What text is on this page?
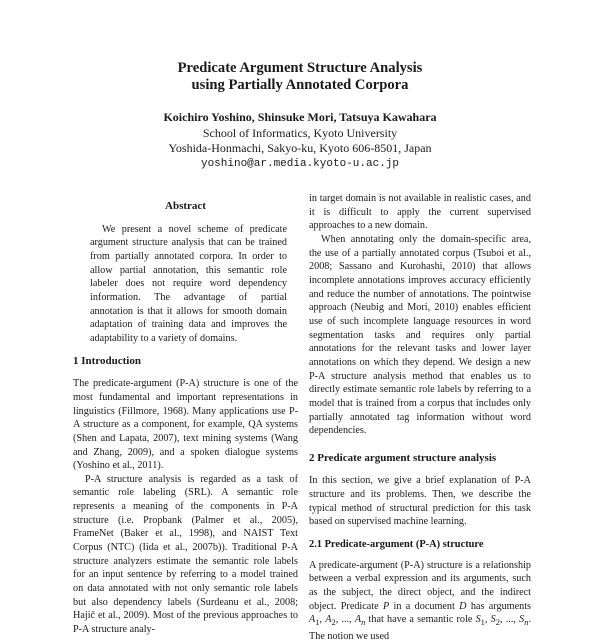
Predicate Argument Structure Analysis
using Partially Annotated Corpora
Koichiro Yoshino, Shinsuke Mori, Tatsuya Kawahara
School of Informatics, Kyoto University
Yoshida-Honmachi, Sakyo-ku, Kyoto 606-8501, Japan
yoshino@ar.media.kyoto-u.ac.jp
Abstract

We present a novel scheme of predicate argument structure analysis that can be trained from partially annotated corpora. In order to allow partial annotation, this semantic role labeler does not require word dependency information. The advantage of partial annotation is that it allows for smooth domain adaptation of training data and improves the adaptability to a variety of domains.

1 Introduction

The predicate-argument (P-A) structure is one of the most fundamental and important representations in linguistics (Fillmore, 1968). Many applications use P-A structure as a component, for example, QA systems (Shen and Lapata, 2007), text mining systems (Wang and Zhang, 2009), and a spoken dialogue systems (Yoshino et al., 2011).

P-A structure analysis is regarded as a task of semantic role labeling (SRL). A semantic role represents a meaning of the components in P-A structure (i.e. Propbank (Palmer et al., 2005), FrameNet (Baker et al., 1998), and NAIST Text Corpus (NTC) (Iida et al., 2007b)). Traditional P-A structure analyzers estimate the semantic role labels for an input sentence by referring to a model trained on data annotated with not only semantic role labels but also dependency labels (Surdeanu et al., 2008; Hajič et al., 2009). Most of the previous approaches to P-A structure analy-

in target domain is not available in realistic cases, and it is difficult to apply the current supervised approaches to a new domain.

When annotating only the domain-specific area, the use of a partially annotated corpus (Tsuboi et al., 2008; Sassano and Kurohashi, 2010) that allows incomplete annotations improves accuracy efficiently and reduce the number of annotations. The pointwise approach (Neubig and Mori, 2010) enables efficient use of such incomplete language resources in word segmentation tasks and requires only partial annotations for the relevant tasks and lower layer annotations on which they depend. We design a new P-A structure analysis method that enables us to directly estimate semantic role labels by referring to a model that is trained from a corpus that includes only partially annotated tag information without word dependencies.

2 Predicate argument structure analysis

In this section, we give a brief explanation of P-A structure and its problems. Then, we describe the typical method of structural prediction for this task based on supervised machine learning.

2.1 Predicate-argument (P-A) structure

A predicate-argument (P-A) structure is a relationship between a verbal expression and its arguments, such as the subject, the direct object, and the indirect object. Predicate P in a document D has arguments $A_1$, $A_2$, ..., $A_n$ that have a semantic role $S_1$, $S_2$, ..., $S_n$. The notion we used
